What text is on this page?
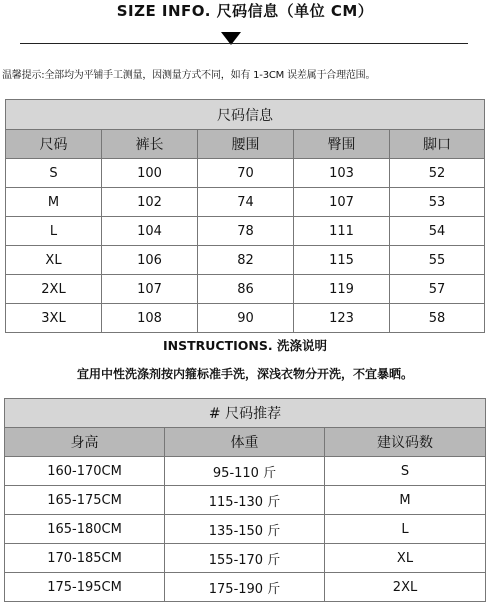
SIZE INFO. 尺码信息（单位 CM）
温馨提示:全部均为平铺手工测量，因测量方式不同，如有 1-3CM 误差属于合理范围。
尺码信息				
尺码	裤长	腰围	臀围	脚口
S	100	70	103	52
M	102	74	107	53
L	104	78	111	54
XL	106	82	115	55
2XL	107	86	119	57
3XL	108	90	123	58
INSTRUCTIONS. 洗涤说明
宜用中性洗涤剂按内箍标准手洗，深浅衣物分开洗，不宜暴晒。
# 尺码推荐		
身高	体重	建议码数
160-170CM	95-110 斤	S
165-175CM	115-130 斤	M
165-180CM	135-150 斤	L
170-185CM	155-170 斤	XL
175-195CM	175-190 斤	2XL
